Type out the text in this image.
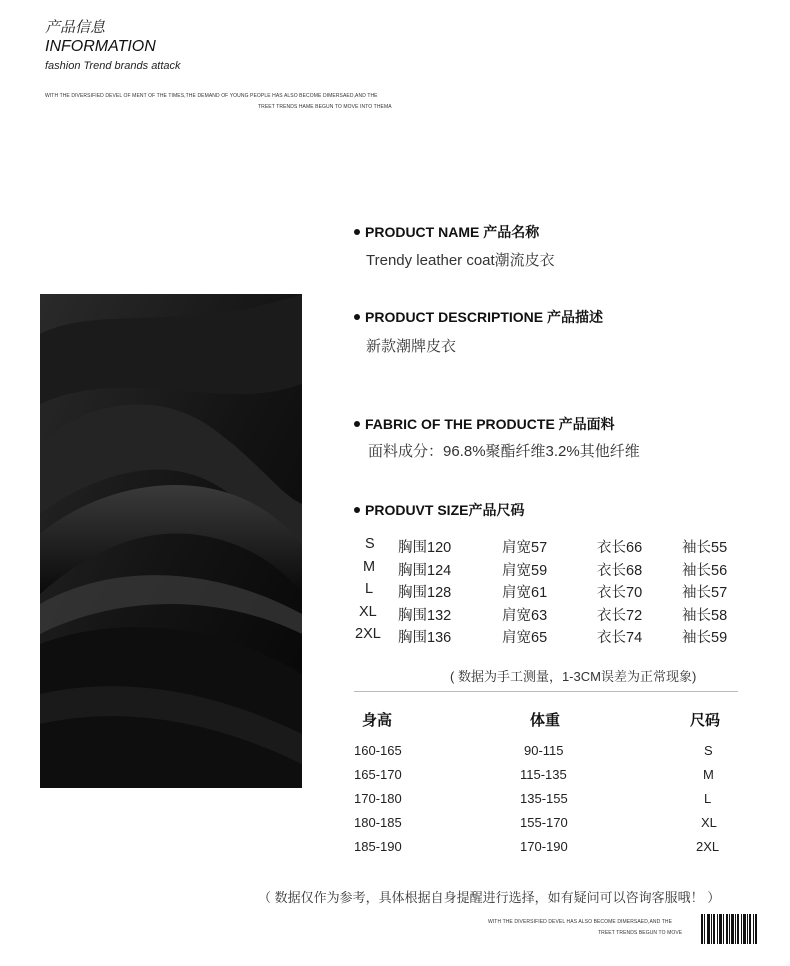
产品信息
INFORMATION
fashion Trend brands attack
WITH THE DIVERSIFIED DEVEL OF MENT OF THE TIMES,THE DEMAND OF YOUNG PEOPLE HAS ALSO BECOME DIMERSAED,AND THE
TREET TRENDS HAME BEGUN TO MOVE INTO THEMA
PRODUCT NAME 产品名称
Trendy leather coat潮流皮衣
PRODUCT DESCRIPTIONE 产品描述
新款潮牌皮衣
FABRIC OF THE PRODUCTE 产品面料
面料成分：96.8%聚酯纤维3.2%其他纤维
PRODUVT SIZE产品尺码
S 胸围120	肩宽57	衣长66	袖长55
M 胸围124	肩宽59	衣长68	袖长56
L 胸围128	肩宽61	衣长70	袖长57
XL 胸围132	肩宽63	衣长72	袖长58
2XL 胸围136	肩宽65	衣长74	袖长59
( 数据为手工测量，1-3CM误差为正常现象)
身高	体重	尺码
160-165	90-115	S
165-170	115-135	M
170-180	135-155	L
180-185	155-170	XL
185-190	170-190	2XL
（ 数据仅作为参考，具体根据自身提醒进行选择，如有疑问可以咨询客服哦！ ）
WITH THE DIVERSIFIED DEVEL HAS ALSO BECOME DIMERSAED,AND THE
TREET TRENDS BEGUN TO MOVE
